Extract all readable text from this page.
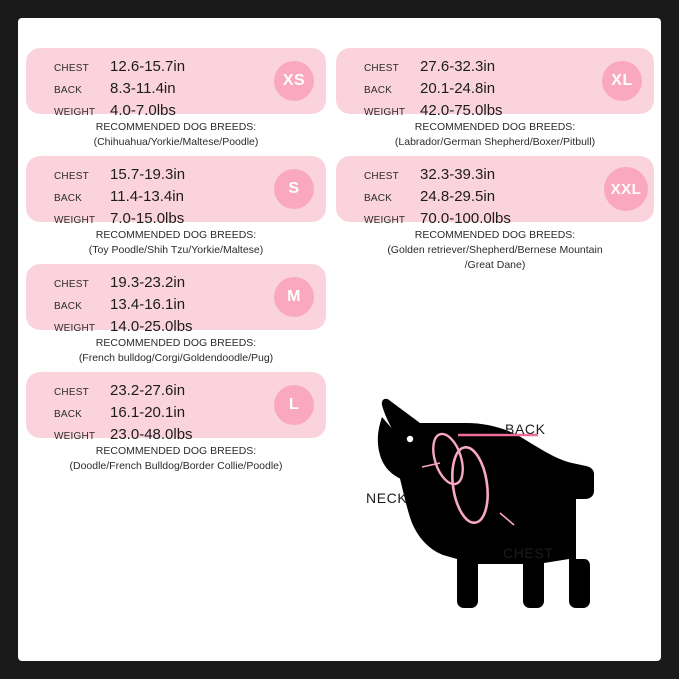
CHEST	12.6-15.7in
BACK	8.3-11.4in
WEIGHT 4.0-7.0lbs
XS
RECOMMENDED DOG BREEDS:
(Chihuahua/Yorkie/Maltese/Poodle)
CHEST	15.7-19.3in
BACK	11.4-13.4in
WEIGHT 7.0-15.0lbs
S
RECOMMENDED DOG BREEDS:
(Toy Poodle/Shih Tzu/Yorkie/Maltese)
CHEST	19.3-23.2in
BACK	13.4-16.1in
WEIGHT 14.0-25.0lbs
M
RECOMMENDED DOG BREEDS:
(French bulldog/Corgi/Goldendoodle/Pug)
CHEST	23.2-27.6in
BACK	16.1-20.1in
WEIGHT 23.0-48.0lbs
L
RECOMMENDED DOG BREEDS:
(Doodle/French Bulldog/Border Collie/Poodle)
CHEST	27.6-32.3in
BACK	20.1-24.8in
WEIGHT 42.0-75.0lbs
XL
RECOMMENDED DOG BREEDS:
(Labrador/German Shepherd/Boxer/Pitbull)
CHEST	32.3-39.3in
BACK	24.8-29.5in
WEIGHT 70.0-100.0lbs
XXL
RECOMMENDED DOG BREEDS:
(Golden retriever/Shepherd/Bernese Mountain
/Great Dane)
BACK
NECK
CHEST
